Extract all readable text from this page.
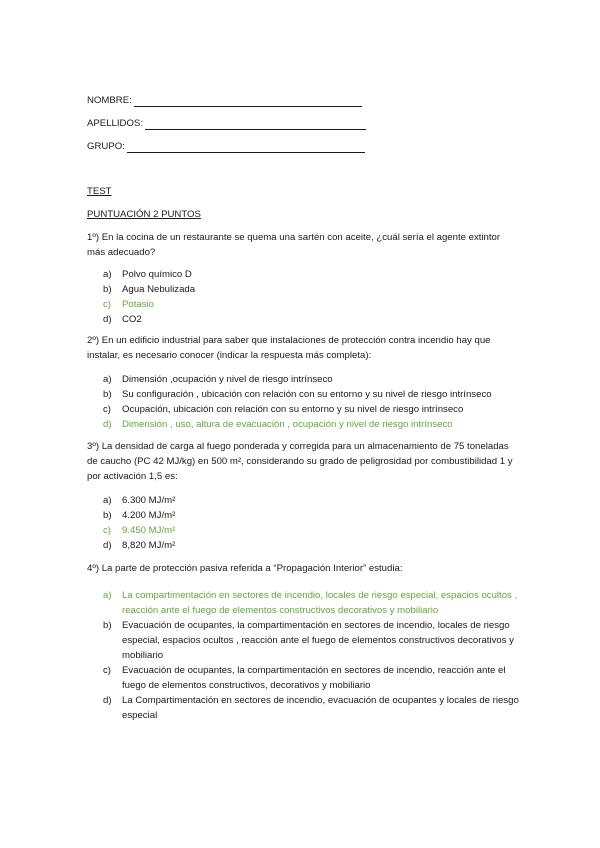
NOMBRE:
APELLIDOS:
GRUPO:
TEST
PUNTUACIÓN 2 PUNTOS
1º) En la cocina de un restaurante se quema una sartén con aceite, ¿cuál sería el agente extintor más adecuado?
a)	Polvo químico D
b)	Agua Nebulizada
c)	Potasio
d)	CO2
2º) En un edificio industrial para saber que instalaciones de protección contra incendio hay que instalar, es necesario conocer (indicar la respuesta más completa):
a)	Dimensión ,ocupación y nivel de riesgo intrínseco
b)	Su configuración , ubicación con relación con su entorno y su nivel de riesgo intrínseco
c)	Ocupación, ubicación con relación con su entorno y su nivel de riesgo intrínseco
d)	Dimensión , uso, altura de evacuación , ocupación y nivel de riesgo intrínseco
3º) La densidad de carga al fuego ponderada y corregida para un almacenamiento de 75 toneladas de caucho (PC 42 MJ/kg) en 500 m², considerando su grado de peligrosidad por combustibilidad 1 y por activación 1,5 es:
a)	6.300 MJ/m²
b)	4.200 MJ/m²
c)	9.450 MJ/m²
d)	8,820 MJ/m²
4º) La parte de protección pasiva referida a “Propagación Interior” estudia:
a)	La compartimentación en sectores de incendio, locales de riesgo especial, espacios ocultos , reacción ante el fuego de elementos constructivos decorativos y mobiliario
b)	Evacuación de ocupantes, la compartimentación en sectores de incendio, locales de riesgo especial, espacios ocultos , reacción ante el fuego de elementos constructivos decorativos y mobiliario
c)	Evacuación de ocupantes, la compartimentación en sectores de incendio, reacción ante el fuego de elementos constructivos, decorativos y mobiliario
d)	La Compartimentación en sectores de incendio, evacuación de ocupantes y locales de riesgo especial
